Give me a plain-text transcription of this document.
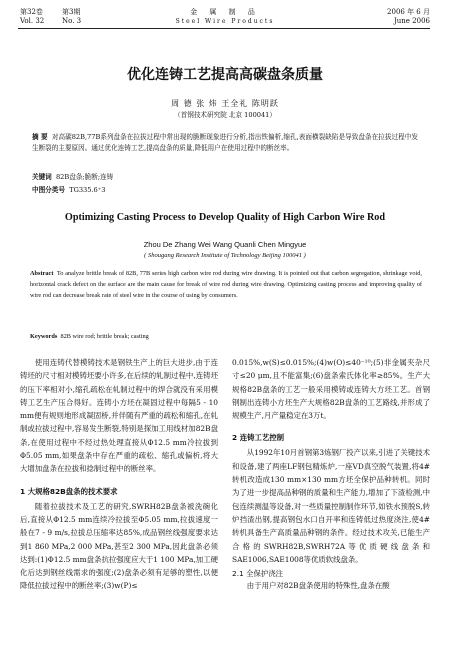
第32卷
Vol. 32
第3期
No. 3
金 属 制 品
Steel Wire Products
2006 年 6 月
June 2006
优化连铸工艺提高高碳盘条质量
周 德 张 炜 王全礼 陈明跃
（首钢技术研究院 北京 100041）
摘 要 对高碳82B,77B系列盘条在拉拔过程中常出现的脆断现象进行分析,指出铁偏析,缩孔,表面横裂缺陷是导致盘条在拉拔过程中发生断裂的主要原因。通过优化连铸工艺,提高盘条的质量,降低用户在使用过程中的断丝率。
关键词 82B盘条;脆断;连铸
中图分类号 TG335.6⁺3
Optimizing Casting Process to Develop Quality of High Carbon Wire Rod
Zhou De Zhang Wei Wang Quanli Chen Mingyue
( Shougang Research Institute of Technology Beijing 100041 )
Abstract To analyze brittle break of 82B, 77B series high carbon wire rod during wire drawing. It is pointed out that carbon segregation, shrinkage void, horizontal crack defect on the surface are the main cause for break of wire rod during wire drawing. Optimizing casting process and improving quality of wire rod can decrease break rate of steel wire in the course of using by consumers.
Keywords 82B wire rod; brittle break; casting
使用连铸代替模铸技术是钢铁生产上的巨大进步,由于连铸坯的尺寸相对模铸坯要小许多,在后续的轧制过程中,连铸坯的压下率相对小,缩孔疏松在轧制过程中的焊合就没有采用模铸工艺生产压合得好。连铸小方坯在凝固过程中每隔5 - 10 mm便有规则地形成凝固桥,并伴随有严重的疏松和缩孔,在轧制或拉拔过程中,容易发生断裂,特别是探加工用线材加82B盘条,在使用过程中不经过热处理直接从Φ12.5 mm冷拉拔到Φ5.05 mm,如果盘条中存在严重的疏松、缩孔或偏析,将大大增加盘条在拉拔和捻制过程中的断丝率。
1 大规格82B盘条的技术要求
随着拉拔技术及工艺的研究,SWRH82B盘条被洗碗化后,直接从Φ12.5 mm连续冷拉拔至Φ5.05 mm,拉拔速度一般在7 - 9 m/s,拉拔总压缩率达85%,成品钢丝线强度要求达到1 860 MPa,2 000 MPa,甚至2 300 MPa,因此盘条必须达到:(1)Φ12.5 mm盘条抗拉强度应大于1 100 MPa,加工硬化后达到钢丝线需求的强度;(2)盘条必须有足够的塑性,以便降低拉拔过程中的断丝率;(3)w(P)≤
0.015%,w(S)≤0.015%;(4)w(O)≤40⁻¹⁰;(5)非金属夹杂尺寸≤20 μm,且不能富集;(6)盘条索氏体化率≥85%。生产大规格82B盘条的工艺一般采用模铸或连铸大方坯工艺。首钢钢制出连铸小方坯生产大规格82B盘条的工艺路线,并形成了规模生产,月产量稳定在3万t。
2 连铸工艺控制
从1992年10月首钢第3炼钢厂投产以来,引进了关键技术和设备,建了两座LF钢包精炼炉,一座VD真空脱气装置,将4#转机改造成130 mm×130 mm方坯全保护品种转机。同时为了进一步提高品种钢的质量和生产能力,增加了下渣检测,中包连续测温等设备,对一些质量控制制作环节,如铁水预脱S,转炉挡渣出钢,提高钢包水口自开率和连铸低过热度浇注,使4#转机具备生产高质量品种钢的条件。经过技术攻关,已能生产合格的SWRH82B,SWRH72A等优质硬线盘条和SAE1006,SAE1008等优质软线盘条。
2.1 全保护浇注
由于用户对82B盘条使用的特殊性,盘条在酸
